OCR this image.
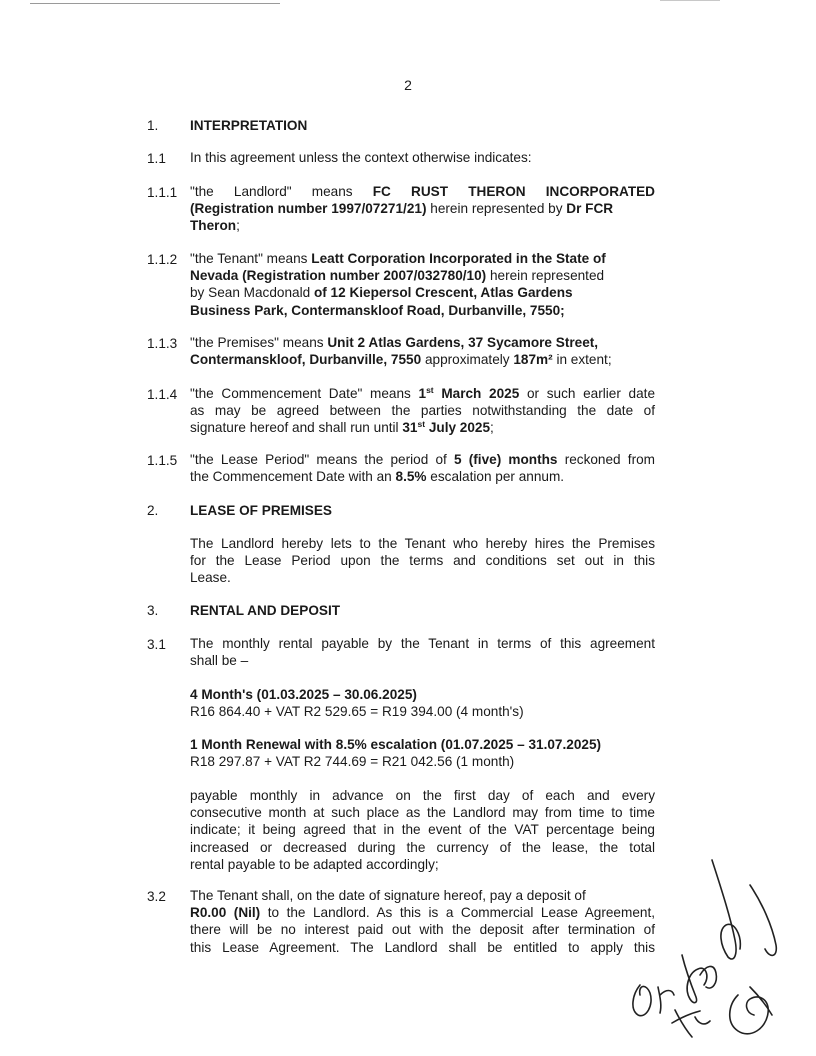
2
1. INTERPRETATION
1.1 In this agreement unless the context otherwise indicates:
1.1.1 "the Landlord" means FC RUST THERON INCORPORATED
(Registration number 1997/07271/21) herein represented by Dr FCR
Theron;
1.1.2 "the Tenant" means Leatt Corporation Incorporated in the State of
Nevada (Registration number 2007/032780/10) herein represented
by Sean Macdonald of 12 Kiepersol Crescent, Atlas Gardens
Business Park, Contermanskloof Road, Durbanville, 7550;
1.1.3 "the Premises" means Unit 2 Atlas Gardens, 37 Sycamore Street,
Contermanskloof, Durbanville, 7550 approximately 187m² in extent;
1.1.4 "the Commencement Date" means 1st March 2025 or such earlier date
as may be agreed between the parties notwithstanding the date of
signature hereof and shall run until 31st July 2025;
1.1.5 "the Lease Period" means the period of 5 (five) months reckoned from
the Commencement Date with an 8.5% escalation per annum.
2. LEASE OF PREMISES
The Landlord hereby lets to the Tenant who hereby hires the Premises
for the Lease Period upon the terms and conditions set out in this
Lease.
3. RENTAL AND DEPOSIT
3.1 The monthly rental payable by the Tenant in terms of this agreement
shall be –
4 Month's (01.03.2025 – 30.06.2025)
R16 864.40 + VAT R2 529.65 = R19 394.00 (4 month's)
1 Month Renewal with 8.5% escalation (01.07.2025 – 31.07.2025)
R18 297.87 + VAT R2 744.69 = R21 042.56 (1 month)
payable monthly in advance on the first day of each and every
consecutive month at such place as the Landlord may from time to time
indicate; it being agreed that in the event of the VAT percentage being
increased or decreased during the currency of the lease, the total
rental payable to be adapted accordingly;
3.2 The Tenant shall, on the date of signature hereof, pay a deposit of
R0.00 (Nil) to the Landlord. As this is a Commercial Lease Agreement,
there will be no interest paid out with the deposit after termination of
this Lease Agreement. The Landlord shall be entitled to apply this
